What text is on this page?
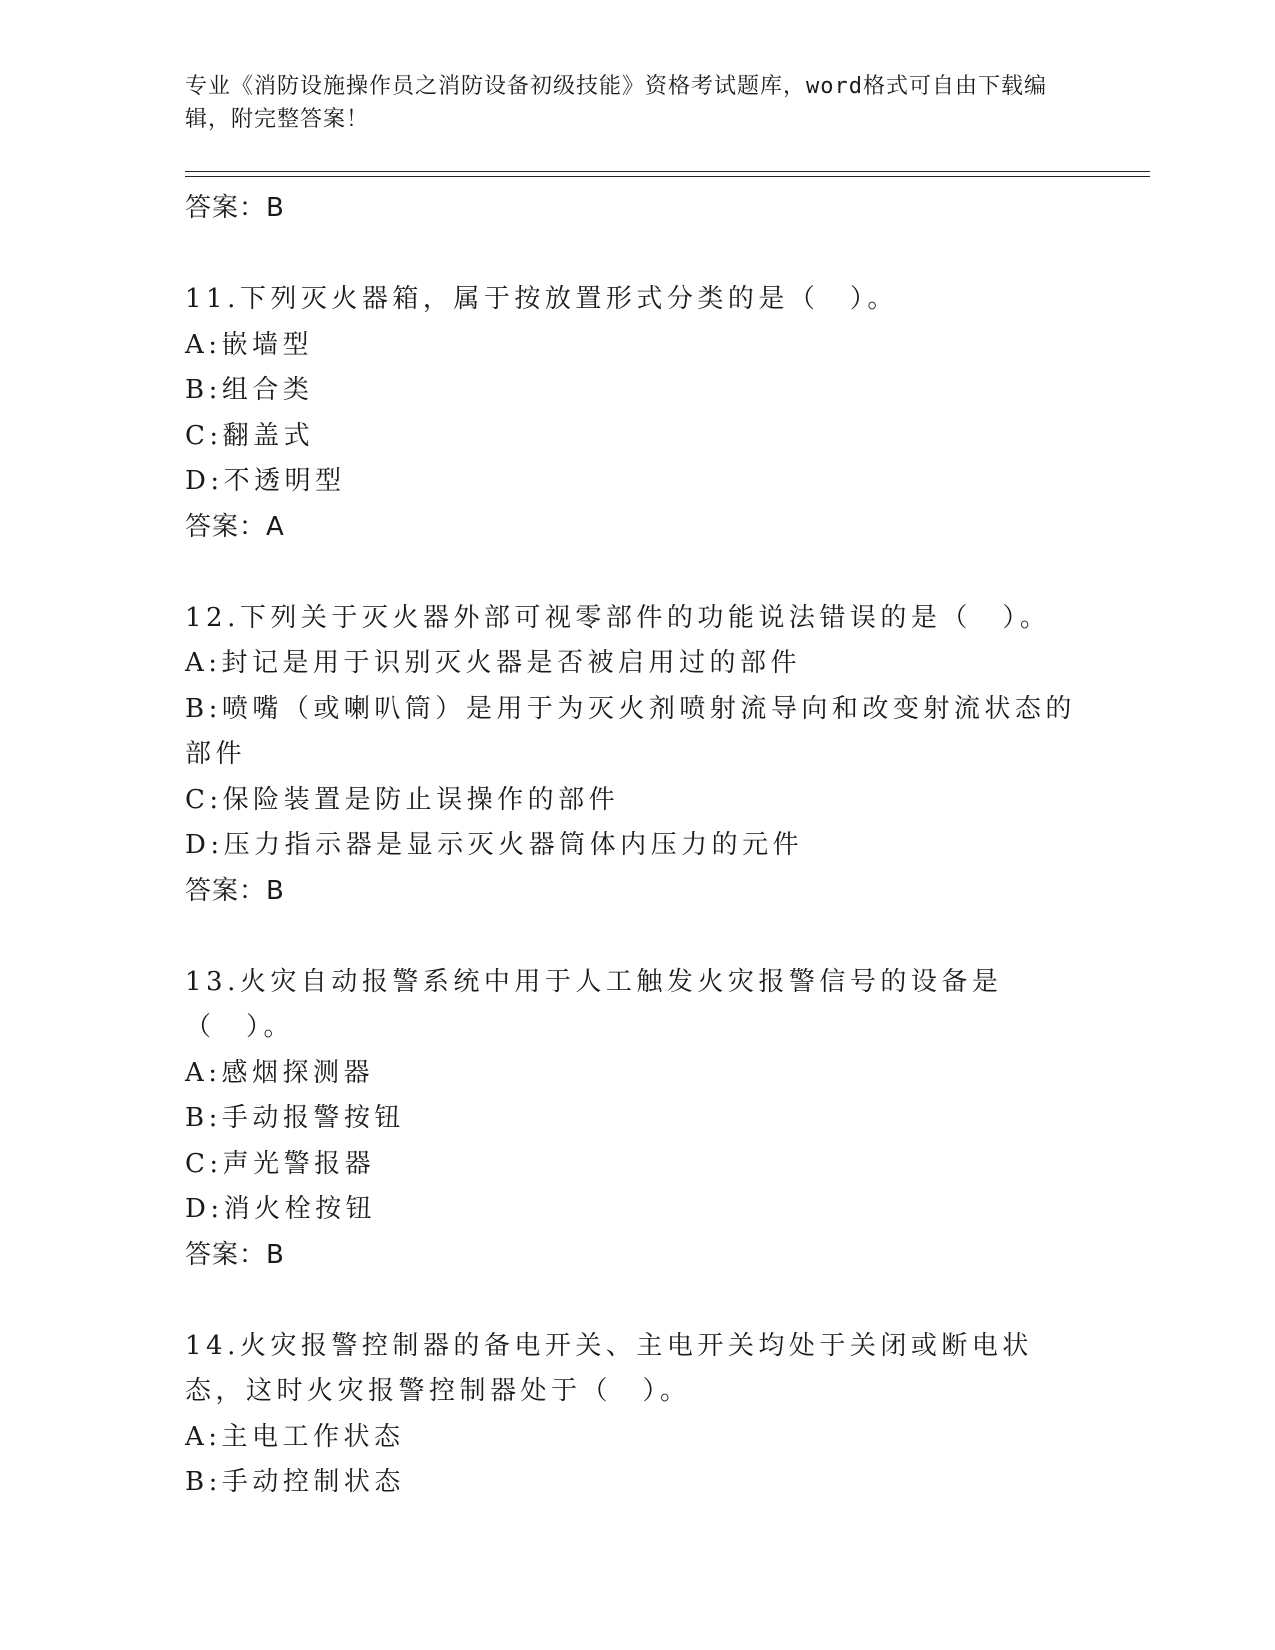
专业《消防设施操作员之消防设备初级技能》资格考试题库，word格式可自由下载编辑，附完整答案！
答案：B

11.下列灭火器箱，属于按放置形式分类的是（　）。

A:嵌墙型

B:组合类

C:翻盖式

D:不透明型

答案：A

12.下列关于灭火器外部可视零部件的功能说法错误的是（　）。

A:封记是用于识别灭火器是否被启用过的部件

B:喷嘴（或喇叭筒）是用于为灭火剂喷射流导向和改变射流状态的部件

C:保险装置是防止误操作的部件

D:压力指示器是显示灭火器筒体内压力的元件

答案：B

13.火灾自动报警系统中用于人工触发火灾报警信号的设备是（　）。

A:感烟探测器

B:手动报警按钮

C:声光警报器

D:消火栓按钮

答案：B

14.火灾报警控制器的备电开关、主电开关均处于关闭或断电状态，这时火灾报警控制器处于（　）。

A:主电工作状态

B:手动控制状态
